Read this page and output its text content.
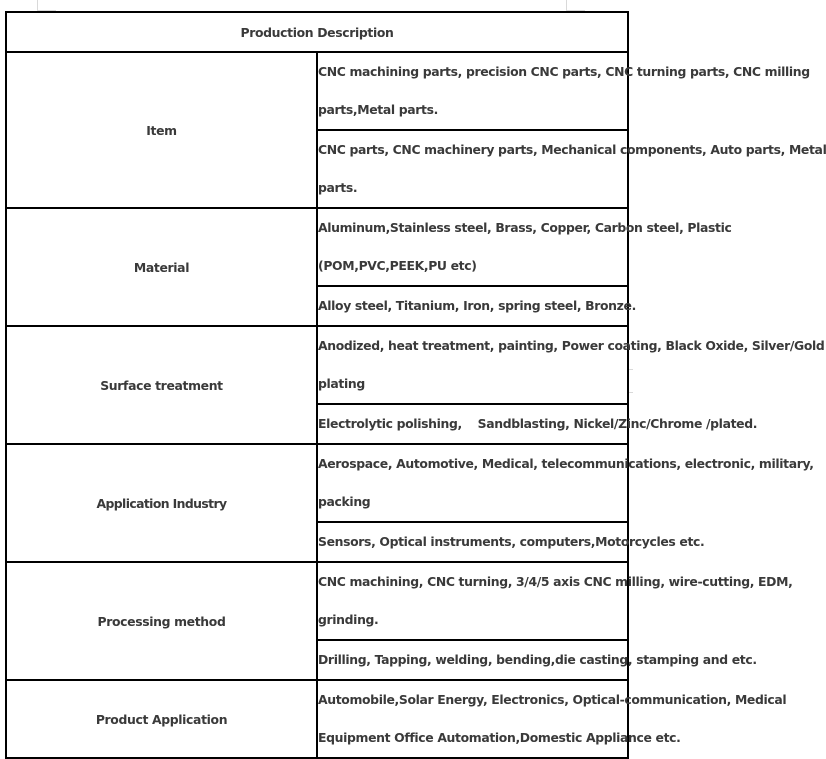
Production Description	
Item	CNC machining parts, precision CNC parts, CNC turning parts, CNC milling
parts,Metal parts.

	CNC parts, CNC machinery parts, Mechanical components, Auto parts, Metal
parts.

Material	Aluminum,Stainless steel, Brass, Copper, Carbon steel, Plastic
(POM,PVC,PEEK,PU etc)

	Alloy steel, Titanium, Iron, spring steel, Bronze.

Surface treatment	Anodized, heat treatment, painting, Power coating, Black Oxide, Silver/Gold
plating

	Electrolytic polishing,    Sandblasting, Nickel/Zinc/Chrome /plated.

Application Industry	Aerospace, Automotive, Medical, telecommunications, electronic, military,
packing

	Sensors, Optical instruments, computers,Motorcycles etc.

Processing method	CNC machining, CNC turning, 3/4/5 axis CNC milling, wire-cutting, EDM,
grinding.

	Drilling, Tapping, welding, bending,die casting, stamping and etc.

Product Application	Automobile,Solar Energy, Electronics, Optical-communication, Medical
Equipment Office Automation,Domestic Appliance etc.
